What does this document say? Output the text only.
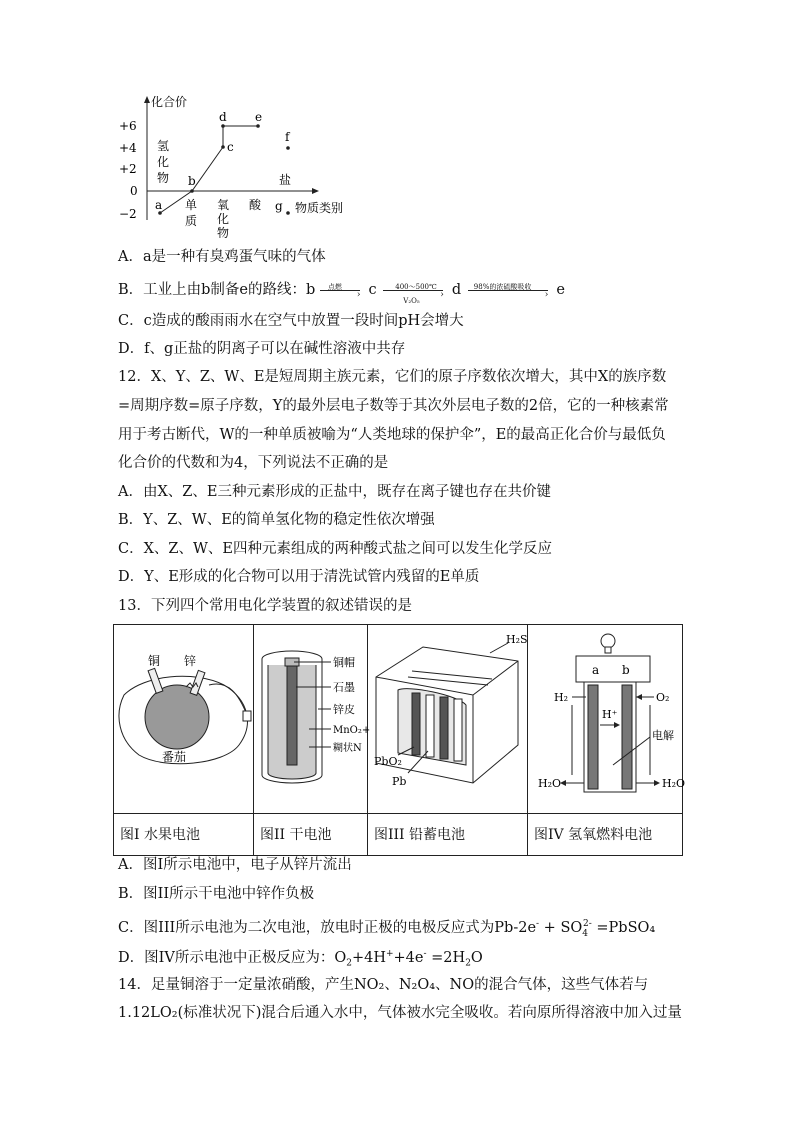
化合价
+6
+4
+2
0
−2
氢 化 物
单 质
氧 化 物
酸
盐
物质类别
a
b
c
d e
f
g
A．a是一种有臭鸡蛋气味的气体
B．工业上由b制备e的路线：b 点燃
› c	400～500℃
›
V₂O₅
d 98%的浓硫酸吸收
› e
C．c造成的酸雨雨水在空气中放置一段时间pH会增大
D．f、g正盐的阴离子可以在碱性溶液中共存
12．X、Y、Z、W、E是短周期主族元素，它们的原子序数依次增大，其中X的族序数
=周期序数=原子序数，Y的最外层电子数等于其次外层电子数的2倍，它的一种核素常
用于考古断代，W的一种单质被喻为“人类地球的保护伞”，E的最高正化合价与最低负
化合价的代数和为4，下列说法不正确的是
A．由X、Z、E三种元素形成的正盐中，既存在离子键也存在共价键
B．Y、Z、W、E的简单氢化物的稳定性依次增强
C．X、Z、W、E四种元素组成的两种酸式盐之间可以发生化学反应
D．Y、E形成的化合物可以用于清洗试管内残留的E单质
13．下列四个常用电化学装置的叙述错误的是
铜 锌
番茄
铜帽
石墨
锌皮
MnO₂+
糊状N
H₂S
PbO₂
Pb
a b
H⁺
H₂	O₂
电解
H₂O	H₂O
图I 水果电池	图II 干电池	图III 铅蓄电池	图IV 氢氧燃料电池
A．图I所示电池中，电子从锌片流出
B．图II所示干电池中锌作负极
C．图III所示电池为二次电池，放电时正极的电极反应式为$Pb-2e^- + SO_4^{2-}$ =PbSO₄
D．图IV所示电池中正极反应为：$O_2+4H^++4e^- =2H_2O$
14．足量铜溶于一定量浓硝酸，产生NO₂、N₂O₄、NO的混合气体，这些气体若与
1.12LO₂(标准状况下)混合后通入水中，气体被水完全吸收。若向原所得溶液中加入过量
